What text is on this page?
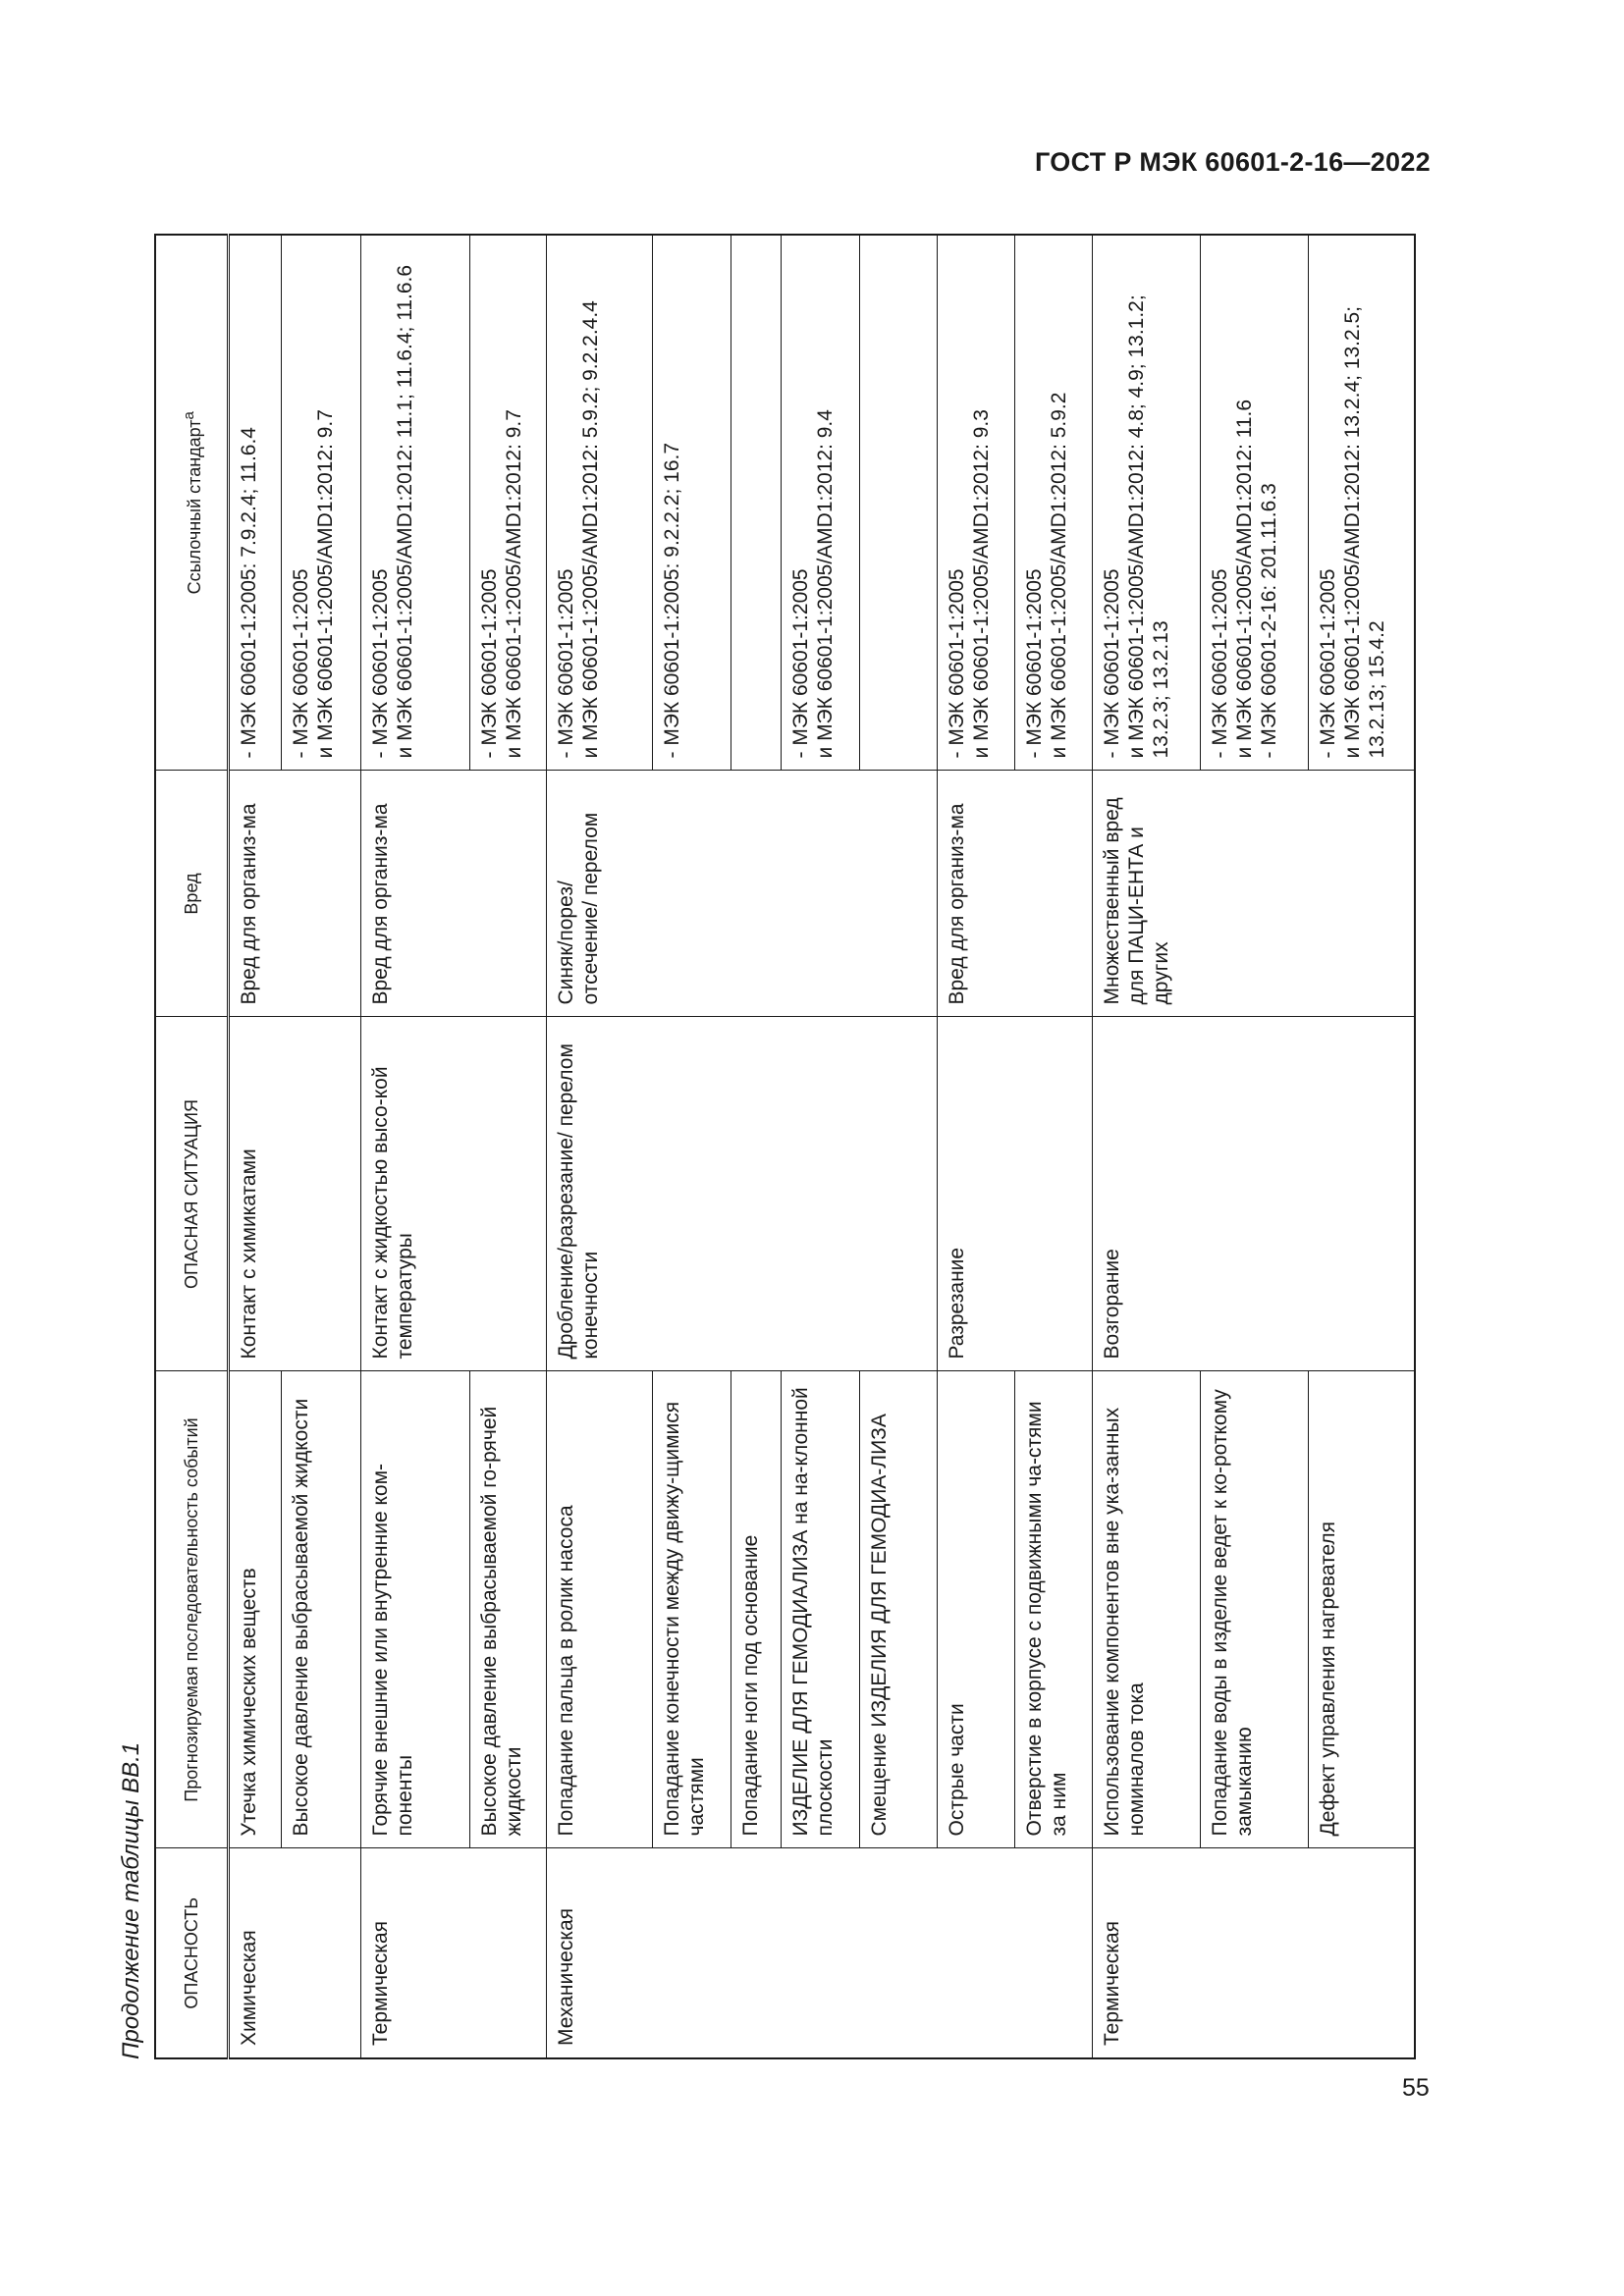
ГОСТ Р МЭК 60601-2-16—2022
Продолжение таблицы ВВ.1	ОПАСНОСТЬ	Прогнозируемая последовательность событий	ОПАСНАЯ СИТУАЦИЯ	Вред	Ссылочный стандарт$^a$
Химическая	Утечка химических веществ	Контакт с химикатами	Вред для организ-ма	- МЭК 60601-1:2005: 7.9.2.4; 11.6.4

	Высокое давление выбрасываемой жидкости			- МЭК 60601-1:2005 и МЭК 60601-1:2005/AMD1:2012: 9.7

Термическая	Горячие внешние или внутренние ком-поненты	Контакт с жидкостью высо-кой температуры	Вред для организ-ма	- МЭК 60601-1:2005 и МЭК 60601-1:2005/AMD1:2012: 11.1; 11.6.4; 11.6.6

	Высокое давление выбрасываемой го-рячей жидкости			- МЭК 60601-1:2005 и МЭК 60601-1:2005/AMD1:2012: 9.7

Механическая	Попадание пальца в ролик насоса	Дробление/разрезание/ перелом конечности	Синяк/порез/ отсечение/ перелом	- МЭК 60601-1:2005 и МЭК 60601-1:2005/AMD1:2012: 5.9.2; 9.2.2.4.4

	Попадание конечности между движу-щимися частями			- МЭК 60601-1:2005: 9.2.2.2; 16.7

	Попадание ноги под основание			
	ИЗДЕЛИЕ ДЛЯ ГЕМОДИАЛИЗА на на-клонной плоскости			- МЭК 60601-1:2005 и МЭК 60601-1:2005/AMD1:2012: 9.4

	Смещение ИЗДЕЛИЯ ДЛЯ ГЕМОДИА-ЛИЗА			
	Острые части	Разрезание	Вред для организ-ма	- МЭК 60601-1:2005 и МЭК 60601-1:2005/AMD1:2012: 9.3

	Отверстие в корпусе с подвижными ча-стями за ним			- МЭК 60601-1:2005 и МЭК 60601-1:2005/AMD1:2012: 5.9.2

Термическая	Использование компонентов вне ука-занных номиналов тока	Возгорание	Множественный вред для ПАЦИ-ЕНТА и других	- МЭК 60601-1:2005 и МЭК 60601-1:2005/AMD1:2012: 4.8; 4.9; 13.1.2; 13.2.3; 13.2.13

	Попадание воды в изделие ведет к ко-роткому замыканию			- МЭК 60601-1:2005 и МЭК 60601-1:2005/AMD1:2012: 11.6 - МЭК 60601-2-16: 201.11.6.3

	Дефект управления нагревателя			- МЭК 60601-1:2005 и МЭК 60601-1:2005/AMD1:2012: 13.2.4; 13.2.5; 13.2.13; 15.4.2
55
